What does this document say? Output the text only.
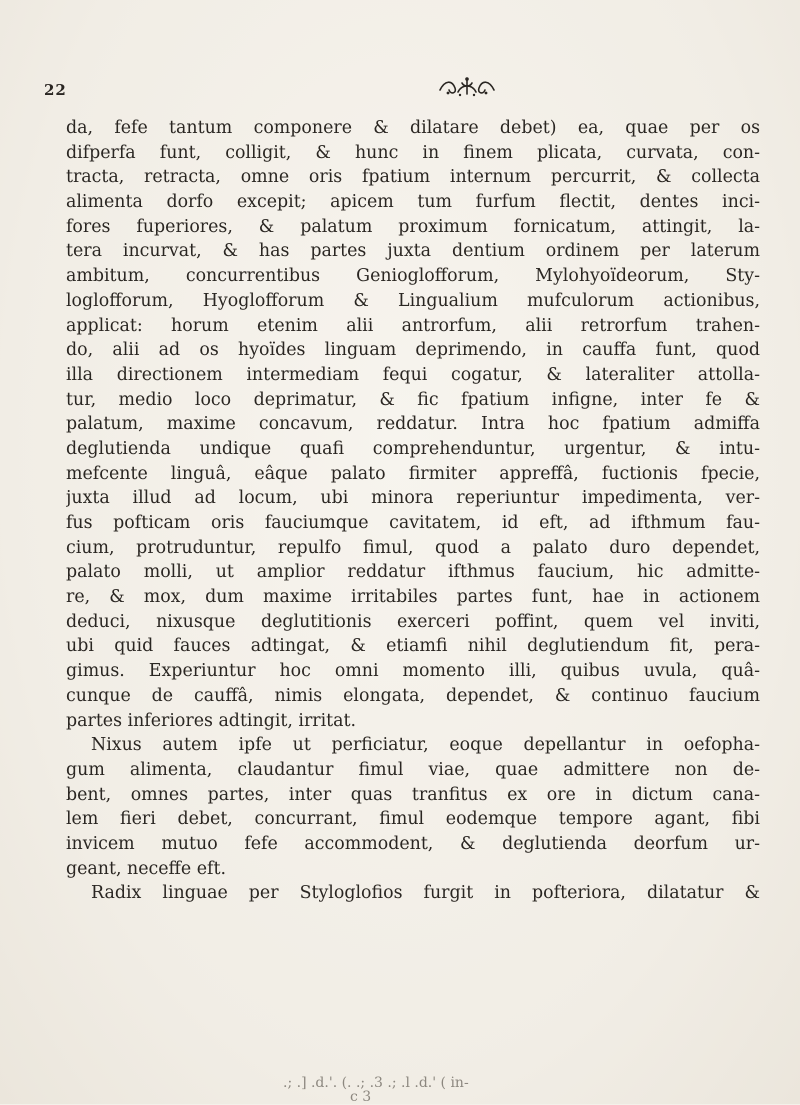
22
da, fefe tantum componere & dilatare debet) ea, quae per os
difperfa funt, colligit, & hunc in finem plicata, curvata, con-
tracta, retracta, omne oris fpatium internum percurrit, & collecta
alimenta dorfo excepit; apicem tum furfum flectit, dentes inci-
fores fuperiores, & palatum proximum fornicatum, attingit, la-
tera incurvat, & has partes juxta dentium ordinem per laterum
ambitum, concurrentibus Genioglofforum, Mylohyoïdeorum, Sty-
loglofforum, Hyoglofforum & Lingualium mufculorum actionibus,
applicat: horum etenim alii antrorfum, alii retrorfum trahen-
do, alii ad os hyoïdes linguam deprimendo, in cauffa funt, quod
illa directionem intermediam fequi cogatur, & lateraliter attolla-
tur, medio loco deprimatur, & fic fpatium infigne, inter fe &
palatum, maxime concavum, reddatur. Intra hoc fpatium admiffa
deglutienda undique quafi comprehenduntur, urgentur, & intu-
mefcente linguâ, eâque palato firmiter appreffâ, fuctionis fpecie,
juxta illud ad locum, ubi minora reperiuntur impedimenta, ver-
fus pofticam oris fauciumque cavitatem, id eft, ad ifthmum fau-
cium, protruduntur, repulfo fimul, quod a palato duro dependet,
palato molli, ut amplior reddatur ifthmus faucium, hic admitte-
re, & mox, dum maxime irritabiles partes funt, hae in actionem
deduci, nixusque deglutitionis exerceri poffint, quem vel inviti,
ubi quid fauces adtingat, & etiamfi nihil deglutiendum fit, pera-
gimus. Experiuntur hoc omni momento illi, quibus uvula, quâ-
cunque de cauffâ, nimis elongata, dependet, & continuo faucium
partes inferiores adtingit, irritat.
Nixus autem ipfe ut perficiatur, eoque depellantur in oefopha-
gum alimenta, claudantur fimul viae, quae admittere non de-
bent, omnes partes, inter quas tranfitus ex ore in dictum cana-
lem fieri debet, concurrant, fimul eodemque tempore agant, fibi
invicem mutuo fefe accommodent, & deglutienda deorfum ur-
geant, neceffe eft.
Radix linguae per Styloglofios furgit in pofteriora, dilatatur &
.; .] .d.'. (. .; .3 .; .l .d.' ( in-
c 3
